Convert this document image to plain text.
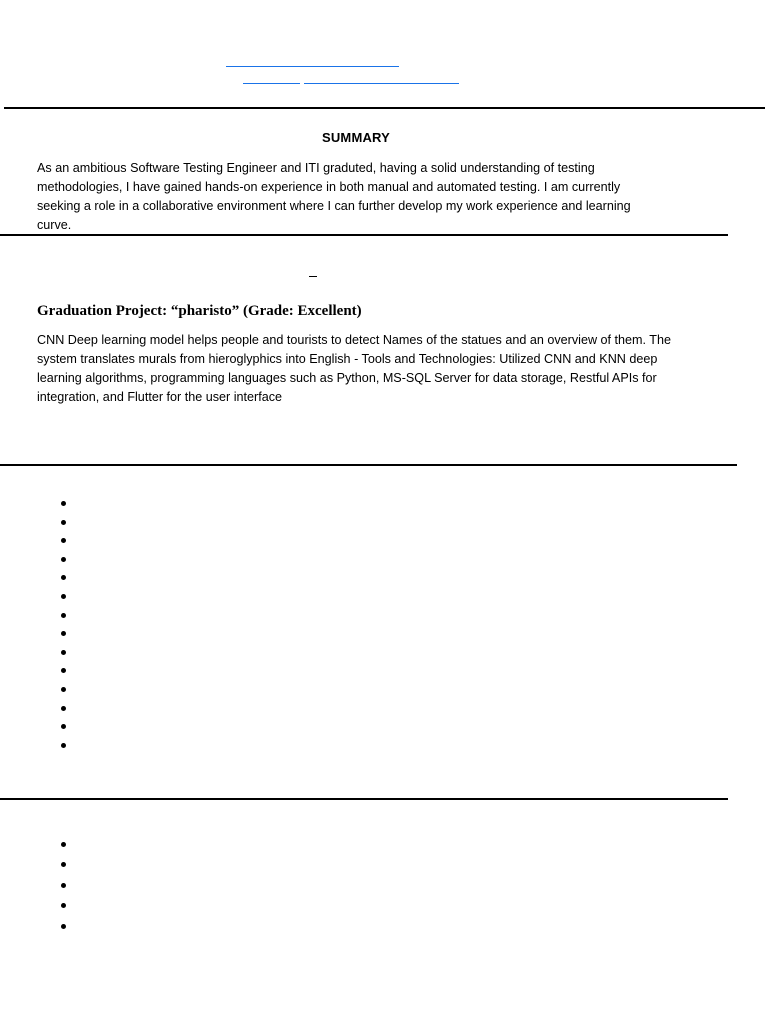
SUMMARY

As an ambitious Software Testing Engineer and ITI graduted, having a solid understanding of testing methodologies, I have gained hands-on experience in both manual and automated testing. I am currently seeking a role in a collaborative environment where I can further develop my work experience and learning curve.

Graduation Project: “pharisto” (Grade: Excellent)

CNN Deep learning model helps people and tourists to detect Names of the statues and an overview of them. The system translates murals from hieroglyphics into English - Tools and Technologies: Utilized CNN and KNN deep learning algorithms, programming languages such as Python, MS-SQL Server for data storage, Restful APIs for integration, and Flutter for the user interface
